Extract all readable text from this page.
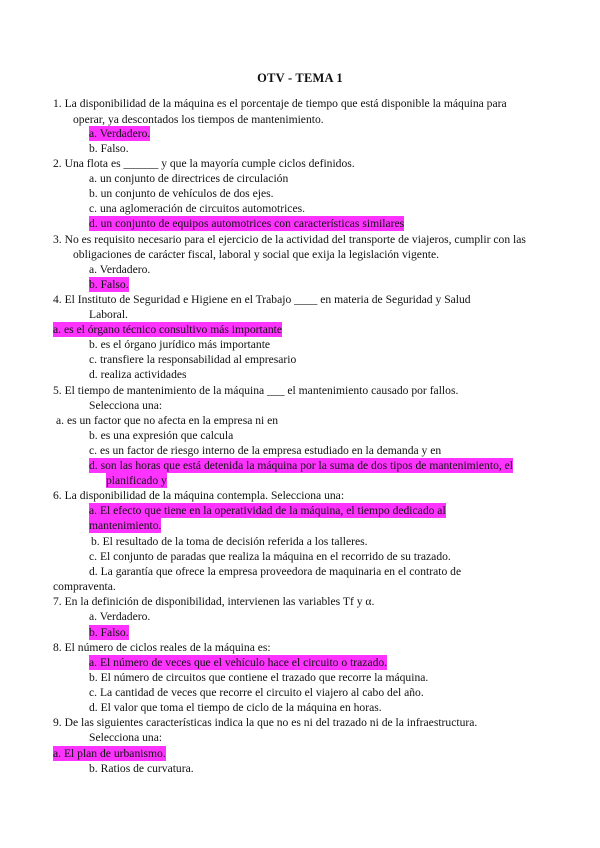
OTV - TEMA 1
1. La disponibilidad de la máquina es el porcentaje de tiempo que está disponible la máquina para
operar, ya descontados los tiempos de mantenimiento.
a. Verdadero.
b. Falso.
2. Una flota es ______ y que la mayoría cumple ciclos definidos.
a. un conjunto de directrices de circulación
b. un conjunto de vehículos de dos ejes.
c. una aglomeración de circuitos automotrices.
d. un conjunto de equipos automotrices con características similares
3. No es requisito necesario para el ejercicio de la actividad del transporte de viajeros, cumplir con las
obligaciones de carácter fiscal, laboral y social que exija la legislación vigente.
a. Verdadero.
b. Falso.
4. El Instituto de Seguridad e Higiene en el Trabajo ____ en materia de Seguridad y Salud
Laboral.
a. es el órgano técnico consultivo más importante
b. es el órgano jurídico más importante
c. transfiere la responsabilidad al empresario
d. realiza actividades
5. El tiempo de mantenimiento de la máquina ___ el mantenimiento causado por fallos.
Selecciona una:
a. es un factor que no afecta en la empresa ni en
b. es una expresión que calcula
c. es un factor de riesgo interno de la empresa estudiado en la demanda y en
d. son las horas que está detenida la máquina por la suma de dos tipos de mantenimiento, el
planificado y
6. La disponibilidad de la máquina contempla. Selecciona una:
a. El efecto que tiene en la operatividad de la máquina, el tiempo dedicado al
mantenimiento.
b. El resultado de la toma de decisión referida a los talleres.
c. El conjunto de paradas que realiza la máquina en el recorrido de su trazado.
d. La garantía que ofrece la empresa proveedora de maquinaria en el contrato de
compraventa.
7. En la definición de disponibilidad, intervienen las variables Tf y α.
a. Verdadero.
b. Falso.
8. El número de ciclos reales de la máquina es:
a. El número de veces que el vehículo hace el circuito o trazado.
b. El número de circuitos que contiene el trazado que recorre la máquina.
c. La cantidad de veces que recorre el circuito el viajero al cabo del año.
d. El valor que toma el tiempo de ciclo de la máquina en horas.
9. De las siguientes características indica la que no es ni del trazado ni de la infraestructura.
Selecciona una:
a. El plan de urbanismo.
b. Ratios de curvatura.
